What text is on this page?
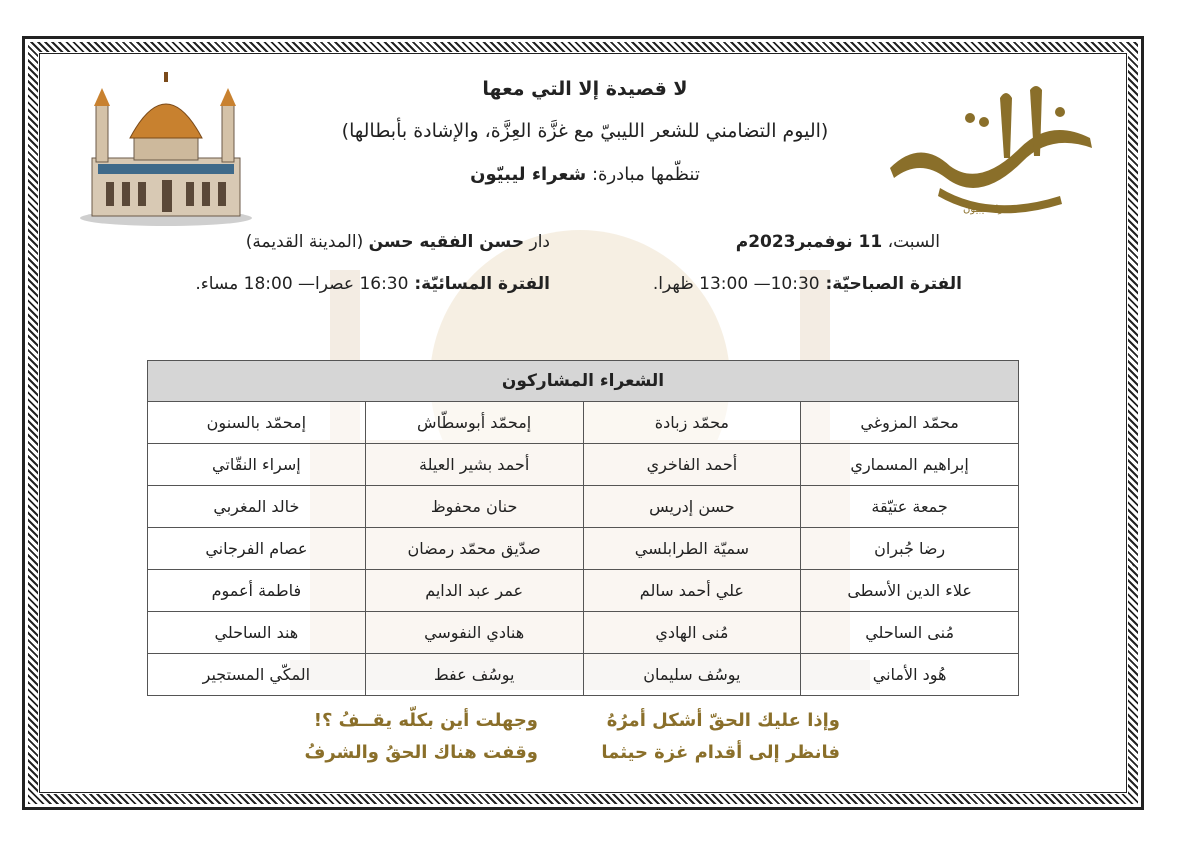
شعراء ليبيون
لا قصيدة إلا التي معها
(اليوم التضامني للشعر الليبيّ مع غزَّة العِزَّة، والإشادة بأبطالها)
تنظّمها مبادرة: شعراء ليبيّون
السبت، 11 نوفمبر2023م
دار حسن الفقيه حسن (المدينة القديمة)
الفترة الصباحيّة: 10:30— 13:00 ظهرا.
الفترة المسائيّة: 16:30 عصرا— 18:00 مساء.
الشعراء المشاركون			
محمّد المزوغي	محمّد زبادة	إمحمّد أبوسطّاش	إمحمّد بالسنون
إبراهيم المسماري	أحمد الفاخري	أحمد بشير العيلة	إسراء النقّاتي
جمعة عتيّقة	حسن إدريس	حنان محفوظ	خالد المغربي
رضا جُبران	سميّة الطرابلسي	صدّيق محمّد رمضان	عصام الفرجاني
علاء الدين الأسطى	علي أحمد سالم	عمر عبد الدايم	فاطمة أعموم
مُنى الساحلي	مُنى الهادي	هنادي النفوسي	هند الساحلي
هُود الأماني	يوسُف سليمان	يوسُف عفط	المكّي المستجير
وإذا عليك الحقّ أشكل أمرُهُ
فانظر إلى أقدام غزة حيثما
وجهلت أين بكلّه يقــفُ ؟!
وقفت هناك الحقُ والشرفُ
